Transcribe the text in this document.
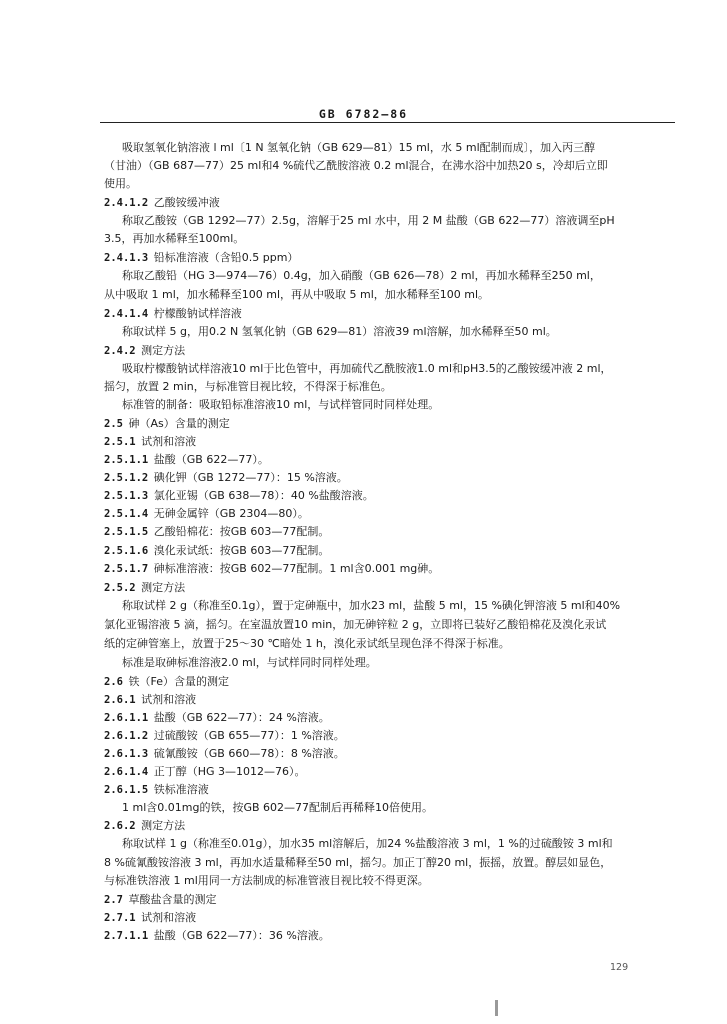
GB 6782—86
吸取氢氧化钠溶液 l ml〔1 N 氢氧化钠（GB 629—81）15 ml，水 5 ml配制而成〕，加入丙三醇
（甘油）（GB 687—77）25 ml和4 %硫代乙酰胺溶液 0.2 ml混合，在沸水浴中加热20 s，冷却后立即
使用。
2.4.1.2  乙酸铵缓冲液
称取乙酸铵（GB 1292—77）2.5g，溶解于25 ml 水中，用 2 M 盐酸（GB 622—77）溶液调至pH
3.5，再加水稀释至100ml。
2.4.1.3  铅标准溶液（含铅0.5 ppm）
称取乙酸铅（HG 3—974—76）0.4g，加入硝酸（GB 626—78）2 ml，再加水稀释至250 ml，
从中吸取 1 ml，加水稀释至100 ml，再从中吸取 5 ml，加水稀释至100 ml。
2.4.1.4  柠檬酸钠试样溶液
称取试样 5 g，用0.2 N 氢氧化钠（GB 629—81）溶液39 ml溶解，加水稀释至50 ml。
2.4.2  测定方法
吸取柠檬酸钠试样溶液10 ml于比色管中，再加硫代乙酰胺液1.0 ml和pH3.5的乙酸铵缓冲液 2 ml，
摇匀，放置 2 min，与标准管目视比较，不得深于标准色。
标准管的制备：吸取铅标准溶液10 ml，与试样管同时同样处理。
2.5  砷（As）含量的测定
2.5.1  试剂和溶液
2.5.1.1  盐酸（GB 622—77）。
2.5.1.2  碘化钾（GB 1272—77）：15 %溶液。
2.5.1.3  氯化亚锡（GB 638—78）：40 %盐酸溶液。
2.5.1.4  无砷金属锌（GB 2304—80）。
2.5.1.5  乙酸铅棉花：按GB 603—77配制。
2.5.1.6  溴化汞试纸：按GB 603—77配制。
2.5.1.7  砷标准溶液：按GB 602—77配制。1 ml含0.001 mg砷。
2.5.2  测定方法
称取试样 2 g（称准至0.1g），置于定砷瓶中，加水23 ml，盐酸 5 ml，15 %碘化钾溶液 5 ml和40%
氯化亚锡溶液 5 滴，摇匀。在室温放置10 min，加无砷锌粒 2 g，立即将已装好乙酸铅棉花及溴化汞试
纸的定砷管塞上，放置于25～30 ℃暗处 1 h，溴化汞试纸呈现色泽不得深于标准。
标准是取砷标准溶液2.0 ml，与试样同时同样处理。
2.6  铁（Fe）含量的测定
2.6.1  试剂和溶液
2.6.1.1  盐酸（GB 622—77）：24 %溶液。
2.6.1.2  过硫酸铵（GB 655—77）：1 %溶液。
2.6.1.3  硫氰酸铵（GB 660—78）：8 %溶液。
2.6.1.4  正丁醇（HG 3—1012—76）。
2.6.1.5  铁标准溶液
1 ml含0.01mg的铁，按GB 602—77配制后再稀释10倍使用。
2.6.2  测定方法
称取试样 1 g（称准至0.01g），加水35 ml溶解后，加24 %盐酸溶液 3 ml，1 %的过硫酸铵 3 ml和
8 %硫氰酸铵溶液 3 ml，再加水适量稀释至50 ml，摇匀。加正丁醇20 ml，振摇，放置。醇层如显色，
与标准铁溶液 1 ml用同一方法制成的标准管液目视比较不得更深。
2.7  草酸盐含量的测定
2.7.1  试剂和溶液
2.7.1.1  盐酸（GB 622—77）：36 %溶液。
129
